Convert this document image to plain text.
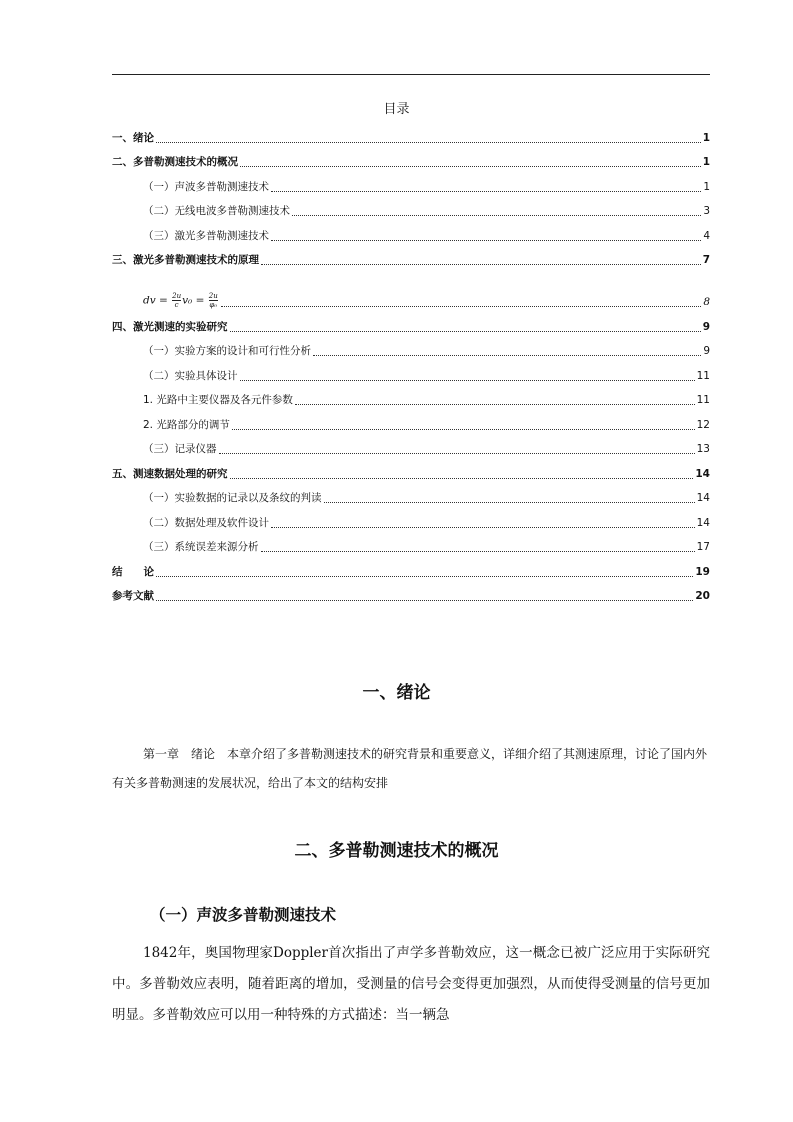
目录
一、绪论	1
二、多普勒测速技术的概况	1
（一）声波多普勒测速技术	1
（二）无线电波多普勒测速技术	3
（三）激光多普勒测速技术	4
三、激光多普勒测速技术的原理	7
dv = $\frac{2u}{c} v_0 = \frac{2u}{\text{φ₀}}$	8
四、激光测速的实验研究	9
（一）实验方案的设计和可行性分析	9
（二）实验具体设计	11
1. 光路中主要仪器及各元件参数	11
2. 光路部分的调节	12
（三）记录仪器	13
五、测速数据处理的研究	14
（一）实验数据的记录以及条纹的判读	14
（二）数据处理及软件设计	14
（三）系统误差来源分析	17
结　　论	19
参考文献	20
一、绪论

第一章　绪论　本章介绍了多普勒测速技术的研究背景和重要意义，详细介绍了其测速原理，讨论了国内外有关多普勒测速的发展状况，给出了本文的结构安排

二、多普勒测速技术的概况
（一）声波多普勒测速技术

1842年，奥国物理家Doppler首次指出了声学多普勒效应，这一概念已被广泛应用于实际研究中。多普勒效应表明，随着距离的增加，受测量的信号会变得更加强烈，从而使得受测量的信号更加明显。多普勒效应可以用一种特殊的方式描述：当一辆急
